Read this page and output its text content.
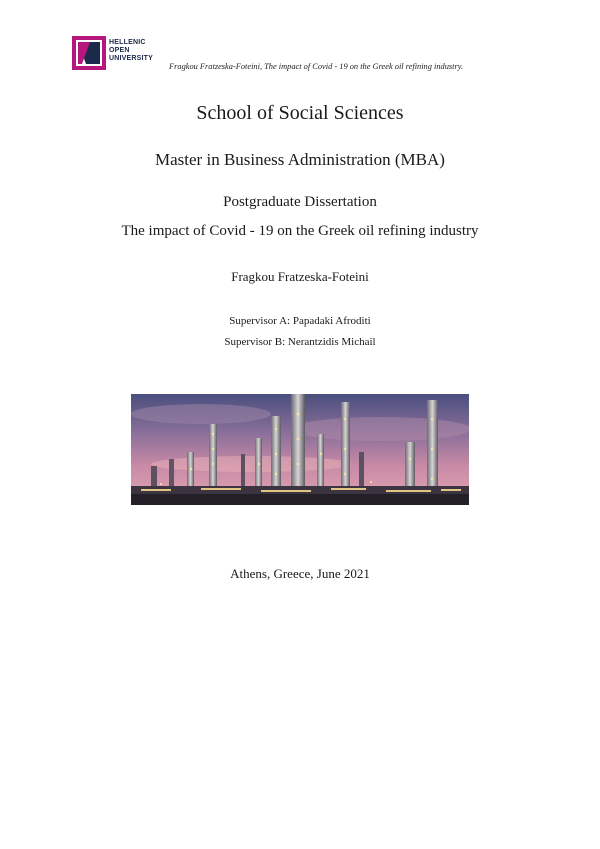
HELLENIC
OPEN
UNIVERSITY
Fragkou Fratzeska-Foteini, The impact of Covid - 19 on the Greek oil refining industry.
School of Social Sciences
Master in Business Administration (MBA)
Postgraduate Dissertation
The impact of Covid - 19 on the Greek oil refining industry
Fragkou Fratzeska-Foteini
Supervisor A: Papadaki Afroditi
Supervisor B: Nerantzidis Michail
Athens, Greece, June 2021
